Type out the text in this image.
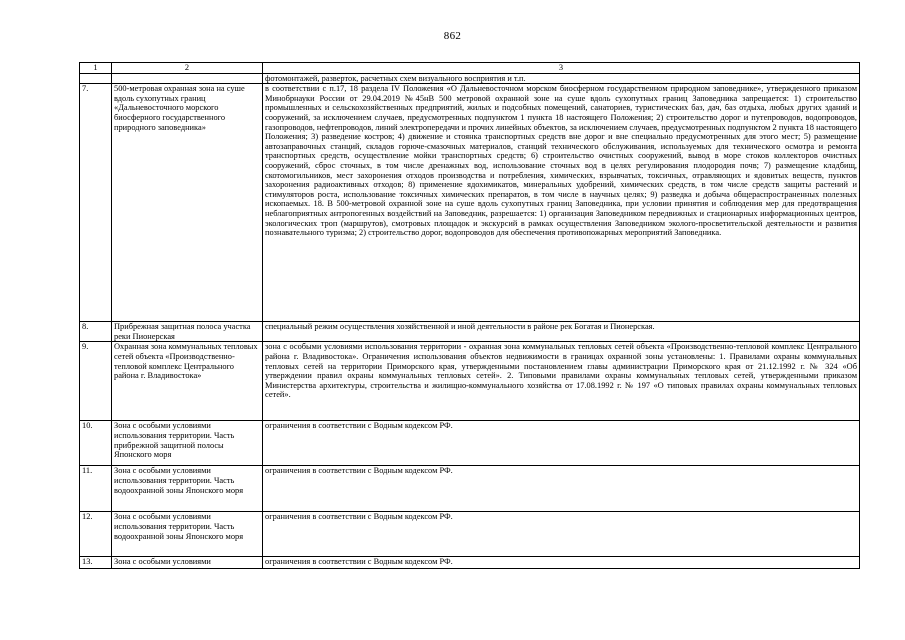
862
1	2	3

		фотомонтажей, разверток, расчетных схем визуального восприятия и т.п.

7.	500-метровая охранная зона на суше вдоль сухопутных границ «Дальневосточного морского биосферного государственного природного заповедника»	в соответствии с п.17, 18 раздела IV Положения «О Дальневосточном морском биосферном государственном природном заповеднике», утвержденного приказом Минобрнауки России от 29.04.2019 №45нВ 500 метровой охранной зоне на суше вдоль сухопутных границ Заповедника запрещается: 1) строительство промышленных и сельскохозяйственных предприятий, жилых и подсобных помещений, санаториев, туристических баз, дач, баз отдыха, любых других зданий и сооружений, за исключением случаев, предусмотренных подпунктом 1 пункта 18 настоящего Положения; 2) строительство дорог и путепроводов, водопроводов, газопроводов, нефтепроводов, линий электропередачи и прочих линейных объектов, за исключением случаев, предусмотренных подпунктом 2 пункта 18 настоящего Положения; 3) разведение костров; 4) движение и стоянка транспортных средств вне дорог и вне специально предусмотренных для этого мест; 5) размещение автозаправочных станций, складов горюче-смазочных материалов, станций технического обслуживания, используемых для технического осмотра и ремонта транспортных средств, осуществление мойки транспортных средств; 6) строительство очистных сооружений, вывод в море стоков коллекторов очистных сооружений, сброс сточных, в том числе дренажных вод, использование сточных вод в целях регулирования плодородия почв; 7) размещение кладбищ, скотомогильников, мест захоронения отходов производства и потребления, химических, взрывчатых, токсичных, отравляющих и ядовитых веществ, пунктов захоронения радиоактивных отходов; 8) применение ядохимикатов, минеральных удобрений, химических средств, в том числе средств защиты растений и стимуляторов роста, использование токсичных химических препаратов, в том числе в научных целях; 9) разведка и добыча общераспространенных полезных ископаемых. 18. В 500-метровой охранной зоне на суше вдоль сухопутных границ Заповедника, при условии принятия и соблюдения мер для предотвращения неблагоприятных антропогенных воздействий на Заповедник, разрешается: 1) организация Заповедником передвижных и стационарных информационных центров, экологических троп (маршрутов), смотровых площадок и экскурсий в рамках осуществления Заповедником эколого-просветительской деятельности и развития познавательного туризма; 2) строительство дорог, водопроводов для обеспечения противопожарных мероприятий Заповедника.

8.	Прибрежная защитная полоса участка реки Пионерская	специальный режим осуществления хозяйственной и иной деятельности в районе рек Богатая и Пионерская.

9.	Охранная зона коммунальных тепловых сетей объекта «Производственно-тепловой комплекс Центрального района г. Владивостока»	зона с особыми условиями использования территории - охранная зона коммунальных тепловых сетей объекта «Производственно-тепловой комплекс Центрального района г. Владивостока». Ограничения использования объектов недвижимости в границах охранной зоны установлены: 1. Правилами охраны коммунальных тепловых сетей на территории Приморского края, утвержденными постановлением главы администрации Приморского края от 21.12.1992 г. № 324 «Об утверждении правил охраны коммунальных тепловых сетей». 2. Типовыми правилами охраны коммунальных тепловых сетей, утвержденными приказом Министерства архитектуры, строительства и жилищно-коммунального хозяйства от 17.08.1992 г. № 197 «О типовых правилах охраны коммунальных тепловых сетей».

10.	Зона с особыми условиями использования территории. Часть прибрежной защитной полосы Японского моря	ограничения в соответствии с Водным кодексом РФ.

11.	Зона с особыми условиями использования территории. Часть водоохранной зоны Японского моря	ограничения в соответствии с Водным кодексом РФ.

12.	Зона с особыми условиями использования территории. Часть водоохранной зоны Японского моря	ограничения в соответствии с Водным кодексом РФ.

13.	Зона с особыми условиями	ограничения в соответствии с Водным кодексом РФ.
